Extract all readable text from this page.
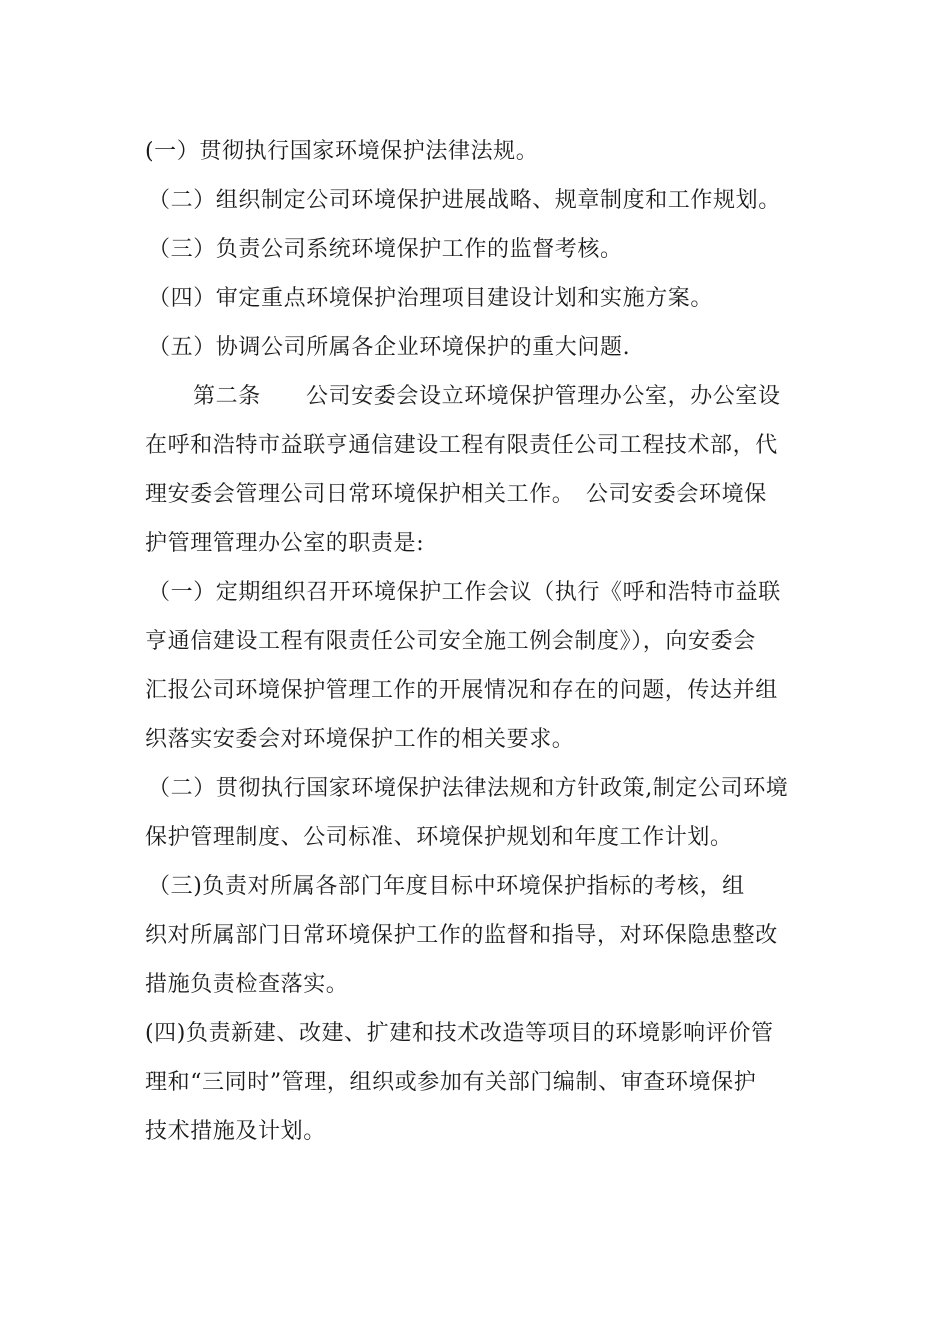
(一）贯彻执行国家环境保护法律法规。
（二）组织制定公司环境保护进展战略、规章制度和工作规划。
（三）负责公司系统环境保护工作的监督考核。
（四）审定重点环境保护治理项目建设计划和实施方案。
（五）协调公司所属各企业环境保护的重大问题.
第二条　　公司安委会设立环境保护管理办公室，办公室设
在呼和浩特市益联亨通信建设工程有限责任公司工程技术部，代
理安委会管理公司日常环境保护相关工作。　公司安委会环境保
护管理管理办公室的职责是:
（一）定期组织召开环境保护工作会议（执行《呼和浩特市益联
亨通信建设工程有限责任公司安全施工例会制度》），向安委会
汇报公司环境保护管理工作的开展情况和存在的问题，传达并组
织落实安委会对环境保护工作的相关要求。
（二）贯彻执行国家环境保护法律法规和方针政策,制定公司环境
保护管理制度、公司标准、环境保护规划和年度工作计划。
（三)负责对所属各部门年度目标中环境保护指标的考核，组
织对所属部门日常环境保护工作的监督和指导，对环保隐患整改
措施负责检查落实。
(四)负责新建、改建、扩建和技术改造等项目的环境影响评价管
理和“三同时”管理，组织或参加有关部门编制、审查环境保护
技术措施及计划。
